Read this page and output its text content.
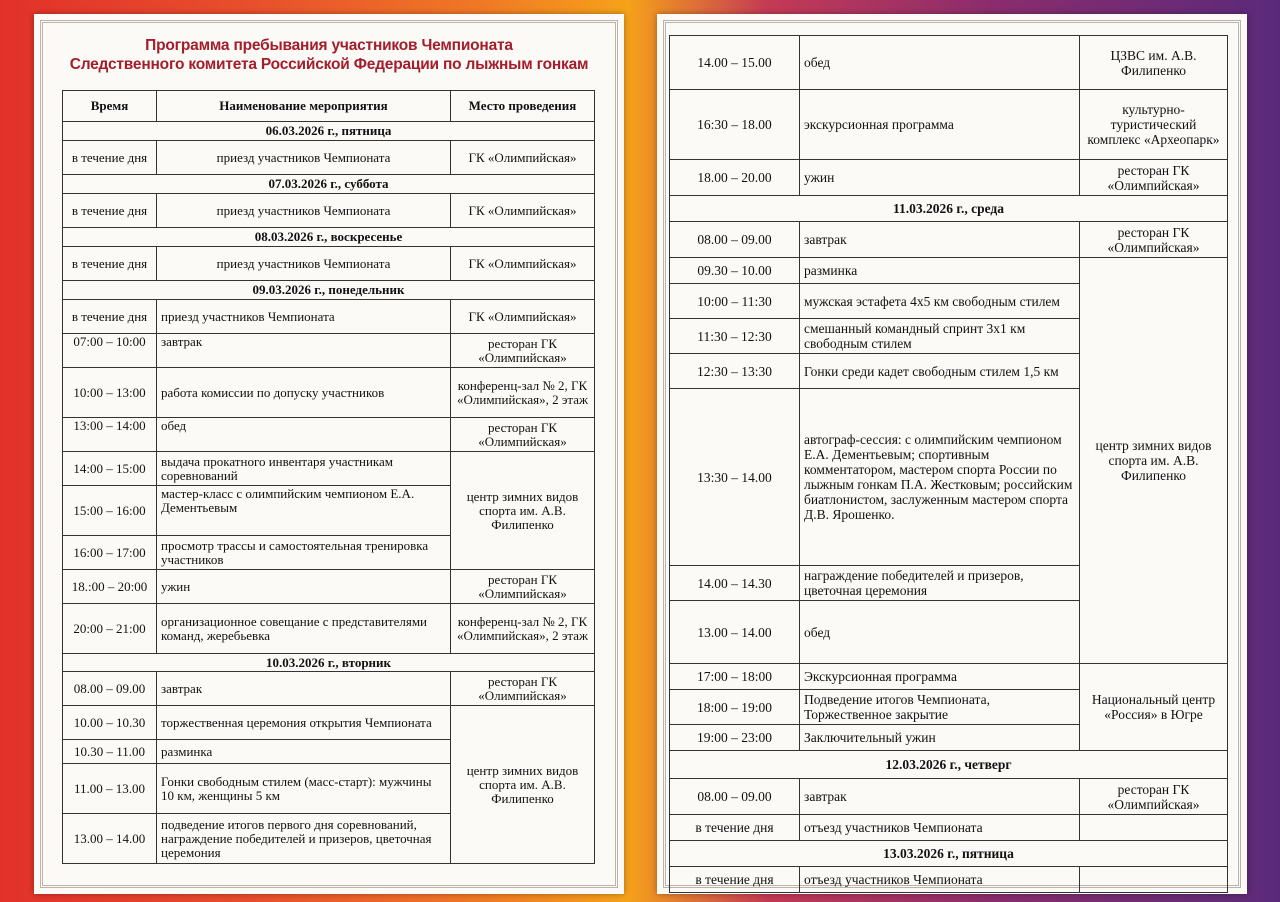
Программа пребывания участников Чемпионата
Следственного комитета Российской Федерации по лыжным гонкам
Время	Наименование мероприятия	Место проведения
06.03.2026 г., пятница		
в течение дня	приезд участников Чемпионата	ГК «Олимпийская»
07.03.2026 г., суббота		
в течение дня	приезд участников Чемпионата	ГК «Олимпийская»
08.03.2026 г., воскресенье		
в течение дня	приезд участников Чемпионата	ГК «Олимпийская»
09.03.2026 г., понедельник		
в течение дня	приезд участников Чемпионата	ГК «Олимпийская»
07:00 – 10:00	завтрак	ресторан ГК «Олимпийская»
10:00 – 13:00	работа комиссии по допуску участников	конференц-зал № 2, ГК «Олимпийская», 2 этаж
13:00 – 14:00	обед	ресторан ГК «Олимпийская»
14:00 – 15:00	выдача прокатного инвентаря участникам соревнований	центр зимних видов спорта им. А.В. Филипенко
15:00 – 16:00	мастер-класс с олимпийским чемпионом Е.А. Дементьевым	
16:00 – 17:00	просмотр трассы и самостоятельная тренировка участников	
18.:00 – 20:00	ужин	ресторан ГК «Олимпийская»
20:00 – 21:00	организационное совещание с представителями команд, жеребьевка	конференц-зал № 2, ГК «Олимпийская», 2 этаж
10.03.2026 г., вторник		
08.00 – 09.00	завтрак	ресторан ГК «Олимпийская»
10.00 – 10.30	торжественная церемония открытия Чемпионата	центр зимних видов спорта им. А.В. Филипенко
10.30 – 11.00	разминка	
11.00 – 13.00	Гонки свободным стилем (масс-старт): мужчины 10 км, женщины 5 км	
13.00 – 14.00	подведение итогов первого дня соревнований, награждение победителей и призеров, цветочная церемония	
14.00 – 15.00	обед	ЦЗВС им. А.В. Филипенко	
16:30 – 18.00	экскурсионная программа	культурно-туристический комплекс «Археопарк»	
18.00 – 20.00	ужин	ресторан ГК «Олимпийская»	
11.03.2026 г., среда			
08.00 – 09.00	завтрак	ресторан ГК «Олимпийская»	
09.30 – 10.00	разминка	центр зимних видов спорта им. А.В. Филипенко	
10:00 – 11:30	мужская эстафета 4х5 км свободным стилем		
11:30 – 12:30	смешанный командный спринт 3х1 км свободным стилем		
12:30 – 13:30	Гонки среди кадет свободным стилем 1,5 км		
13:30 – 14.00	автограф-сессия: с олимпийским чемпионом Е.А. Дементьевым; спортивным комментатором, мастером спорта России по лыжным гонкам П.А. Жестковым; российским биатлонистом, заслуженным мастером спорта Д.В. Ярошенко.		
14.00 – 14.30	награждение победителей и призеров, цветочная церемония		
13.00 – 14.00	обед	
17:00 – 18:00	Экскурсионная программа	Национальный центр «Россия» в Югре	
18:00 – 19:00	Подведение итогов Чемпионата, Торжественное закрытие		
19:00 – 23:00	Заключительный ужин		
12.03.2026 г., четверг			
08.00 – 09.00	завтрак	ресторан ГК «Олимпийская»	
в течение дня	отъезд участников Чемпионата		
13.03.2026 г., пятница			
в течение дня	отъезд участников Чемпионата		
